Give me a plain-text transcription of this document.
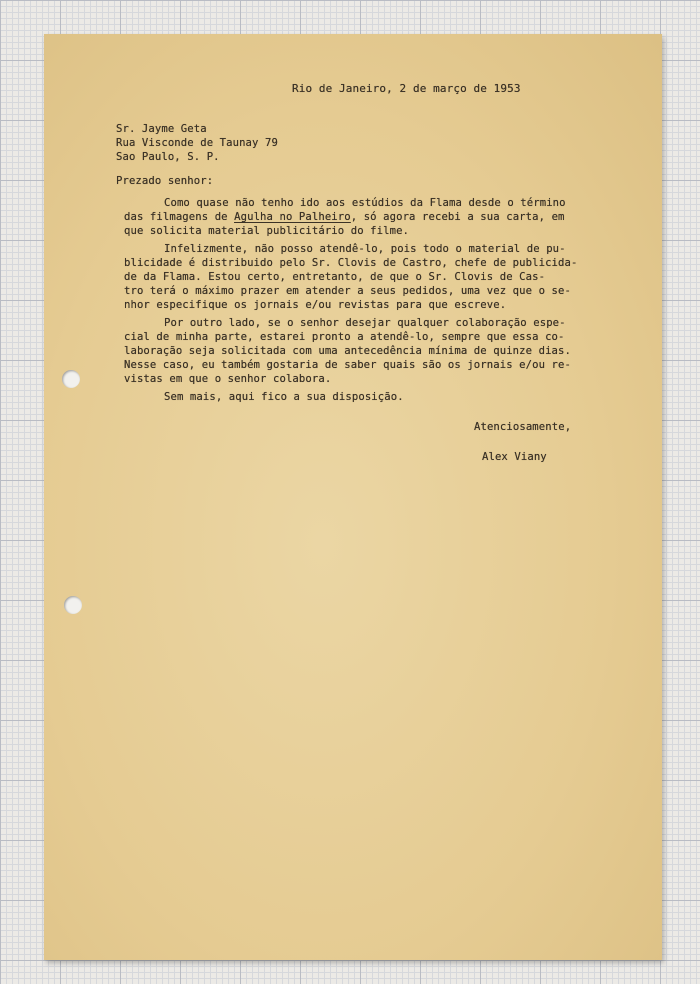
Rio de Janeiro, 2 de março de 1953

Sr. Jayme Geta

Rua Visconde de Taunay 79

Sao Paulo, S. P.

Prezado senhor:

Como quase não tenho ido aos estúdios da Flama desde o término

das filmagens de Agulha no Palheiro, só agora recebi a sua carta, em

que solicita material publicitário do filme.

Infelizmente, não posso atendê-lo, pois todo o material de pu-

blicidade é distribuido pelo Sr. Clovis de Castro, chefe de publicida-

de da Flama. Estou certo, entretanto, de que o Sr. Clovis de Cas-

tro terá o máximo prazer em atender a seus pedidos, uma vez que o se-

nhor especifique os jornais e/ou revistas para que escreve.

Por outro lado, se o senhor desejar qualquer colaboração espe-

cial de minha parte, estarei pronto a atendê-lo, sempre que essa co-

laboração seja solicitada com uma antecedência mínima de quinze dias.

Nesse caso, eu também gostaria de saber quais são os jornais e/ou re-

vistas em que o senhor colabora.

Sem mais, aqui fico a sua disposição.

Atenciosamente,

Alex Viany
